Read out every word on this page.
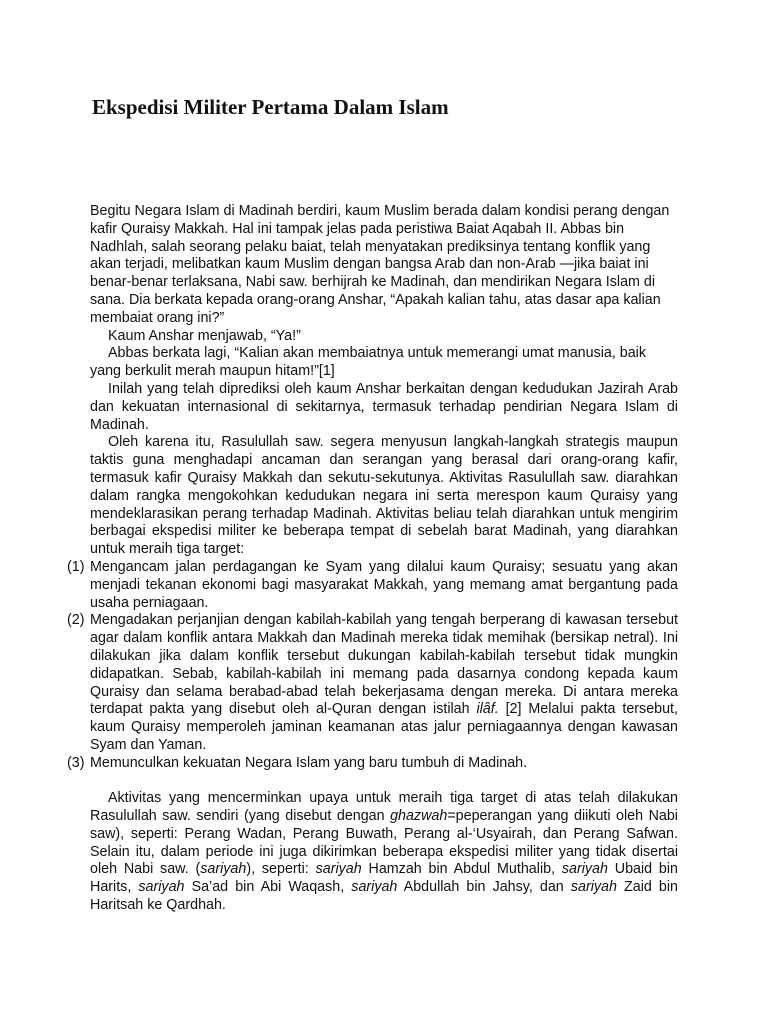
Ekspedisi Militer Pertama Dalam Islam

Begitu Negara Islam di Madinah berdiri, kaum Muslim berada dalam kondisi perang dengan kafir Quraisy Makkah. Hal ini tampak jelas pada peristiwa Baiat Aqabah II. Abbas bin Nadhlah, salah seorang pelaku baiat, telah menyatakan prediksinya tentang konflik yang akan terjadi, melibatkan kaum Muslim dengan bangsa Arab dan non-Arab —jika baiat ini benar-benar terlaksana, Nabi saw. berhijrah ke Madinah, dan mendirikan Negara Islam di sana. Dia berkata kepada orang-orang Anshar, “Apakah kalian tahu, atas dasar apa kalian membaiat orang ini?”

Kaum Anshar menjawab, “Ya!”

Abbas berkata lagi, “Kalian akan membaiatnya untuk memerangi umat manusia, baik yang berkulit merah maupun hitam!”[1]

Inilah yang telah diprediksi oleh kaum Anshar berkaitan dengan kedudukan Jazirah Arab dan kekuatan internasional di sekitarnya, termasuk terhadap pendirian Negara Islam di Madinah.

Oleh karena itu, Rasulullah saw. segera menyusun langkah-langkah strategis maupun taktis guna menghadapi ancaman dan serangan yang berasal dari orang-orang kafir, termasuk kafir Quraisy Makkah dan sekutu-sekutunya. Aktivitas Rasulullah saw. diarahkan dalam rangka mengokohkan kedudukan negara ini serta merespon kaum Quraisy yang mendeklarasikan perang terhadap Madinah. Aktivitas beliau telah diarahkan untuk mengirim berbagai ekspedisi militer ke beberapa tempat di sebelah barat Madinah, yang diarahkan untuk meraih tiga target:

(1) Mengancam jalan perdagangan ke Syam yang dilalui kaum Quraisy; sesuatu yang akan menjadi tekanan ekonomi bagi masyarakat Makkah, yang memang amat bergantung pada usaha perniagaan.
(2) Mengadakan perjanjian dengan kabilah-kabilah yang tengah berperang di kawasan tersebut agar dalam konflik antara Makkah dan Madinah mereka tidak memihak (bersikap netral). Ini dilakukan jika dalam konflik tersebut dukungan kabilah-kabilah tersebut tidak mungkin didapatkan. Sebab, kabilah-kabilah ini memang pada dasarnya condong kepada kaum Quraisy dan selama berabad-abad telah bekerjasama dengan mereka. Di antara mereka terdapat pakta yang disebut oleh al-Quran dengan istilah ilâf. [2] Melalui pakta tersebut, kaum Quraisy memperoleh jaminan keamanan atas jalur perniagaannya dengan kawasan Syam dan Yaman.
(3) Memunculkan kekuatan Negara Islam yang baru tumbuh di Madinah.

Aktivitas yang mencerminkan upaya untuk meraih tiga target di atas telah dilakukan Rasulullah saw. sendiri (yang disebut dengan ghazwah=peperangan yang diikuti oleh Nabi saw), seperti: Perang Wadan, Perang Buwath, Perang al-‘Usyairah, dan Perang Safwan. Selain itu, dalam periode ini juga dikirimkan beberapa ekspedisi militer yang tidak disertai oleh Nabi saw. (sariyah), seperti: sariyah Hamzah bin Abdul Muthalib, sariyah Ubaid bin Harits, sariyah Sa’ad bin Abi Waqash, sariyah Abdullah bin Jahsy, dan sariyah Zaid bin Haritsah ke Qardhah.
